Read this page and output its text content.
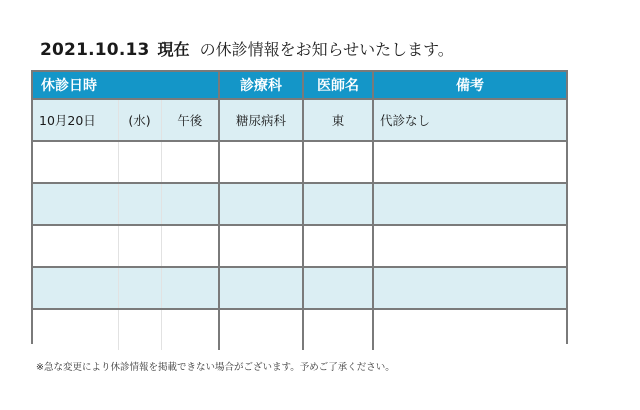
2021.10.13 現在 の休診情報をお知らせいたします。
休診日時			診療科	医師名	備考
10月20日	(水)	午後	糖尿病科	東	代診なし

※急な変更により休診情報を掲載できない場合がございます。予めご了承ください。
